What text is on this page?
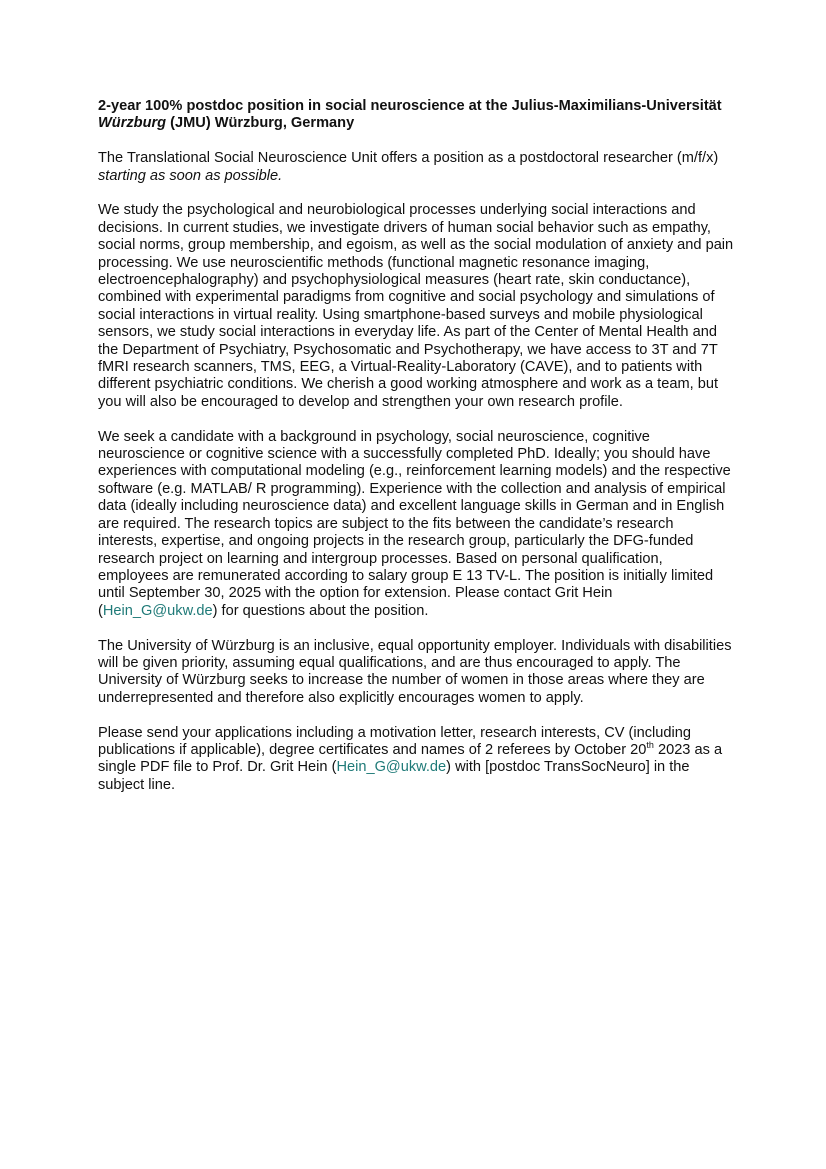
2-year 100% postdoc position in social neuroscience at the Julius-Maximilians-Universität Würzburg (JMU) Würzburg, Germany

The Translational Social Neuroscience Unit offers a position as a postdoctoral researcher (m/f/x) starting as soon as possible.

We study the psychological and neurobiological processes underlying social interactions and decisions. In current studies, we investigate drivers of human social behavior such as empathy, social norms, group membership, and egoism, as well as the social modulation of anxiety and pain processing. We use neuroscientific methods (functional magnetic resonance imaging, electroencephalography) and psychophysiological measures (heart rate, skin conductance), combined with experimental paradigms from cognitive and social psychology and simulations of social interactions in virtual reality. Using smartphone-based surveys and mobile physiological sensors, we study social interactions in everyday life. As part of the Center of Mental Health and the Department of Psychiatry, Psychosomatic and Psychotherapy, we have access to 3T and 7T fMRI research scanners, TMS, EEG, a Virtual-Reality-Laboratory (CAVE), and to patients with different psychiatric conditions. We cherish a good working atmosphere and work as a team, but you will also be encouraged to develop and strengthen your own research profile.

We seek a candidate with a background in psychology, social neuroscience, cognitive neuroscience or cognitive science with a successfully completed PhD. Ideally; you should have experiences with computational modeling (e.g., reinforcement learning models) and the respective software (e.g. MATLAB/ R programming). Experience with the collection and analysis of empirical data (ideally including neuroscience data) and excellent language skills in German and in English are required. The research topics are subject to the fits between the candidate’s research interests, expertise, and ongoing projects in the research group, particularly the DFG-funded research project on learning and intergroup processes. Based on personal qualification, employees are remunerated according to salary group E 13 TV-L. The position is initially limited until September 30, 2025 with the option for extension. Please contact Grit Hein (Hein_G@ukw.de) for questions about the position.

The University of Würzburg is an inclusive, equal opportunity employer. Individuals with disabilities will be given priority, assuming equal qualifications, and are thus encouraged to apply. The University of Würzburg seeks to increase the number of women in those areas where they are underrepresented and therefore also explicitly encourages women to apply.

Please send your applications including a motivation letter, research interests, CV (including publications if applicable), degree certificates and names of 2 referees by October 20th 2023 as a single PDF file to Prof. Dr. Grit Hein (Hein_G@ukw.de) with [postdoc TransSocNeuro] in the subject line.
